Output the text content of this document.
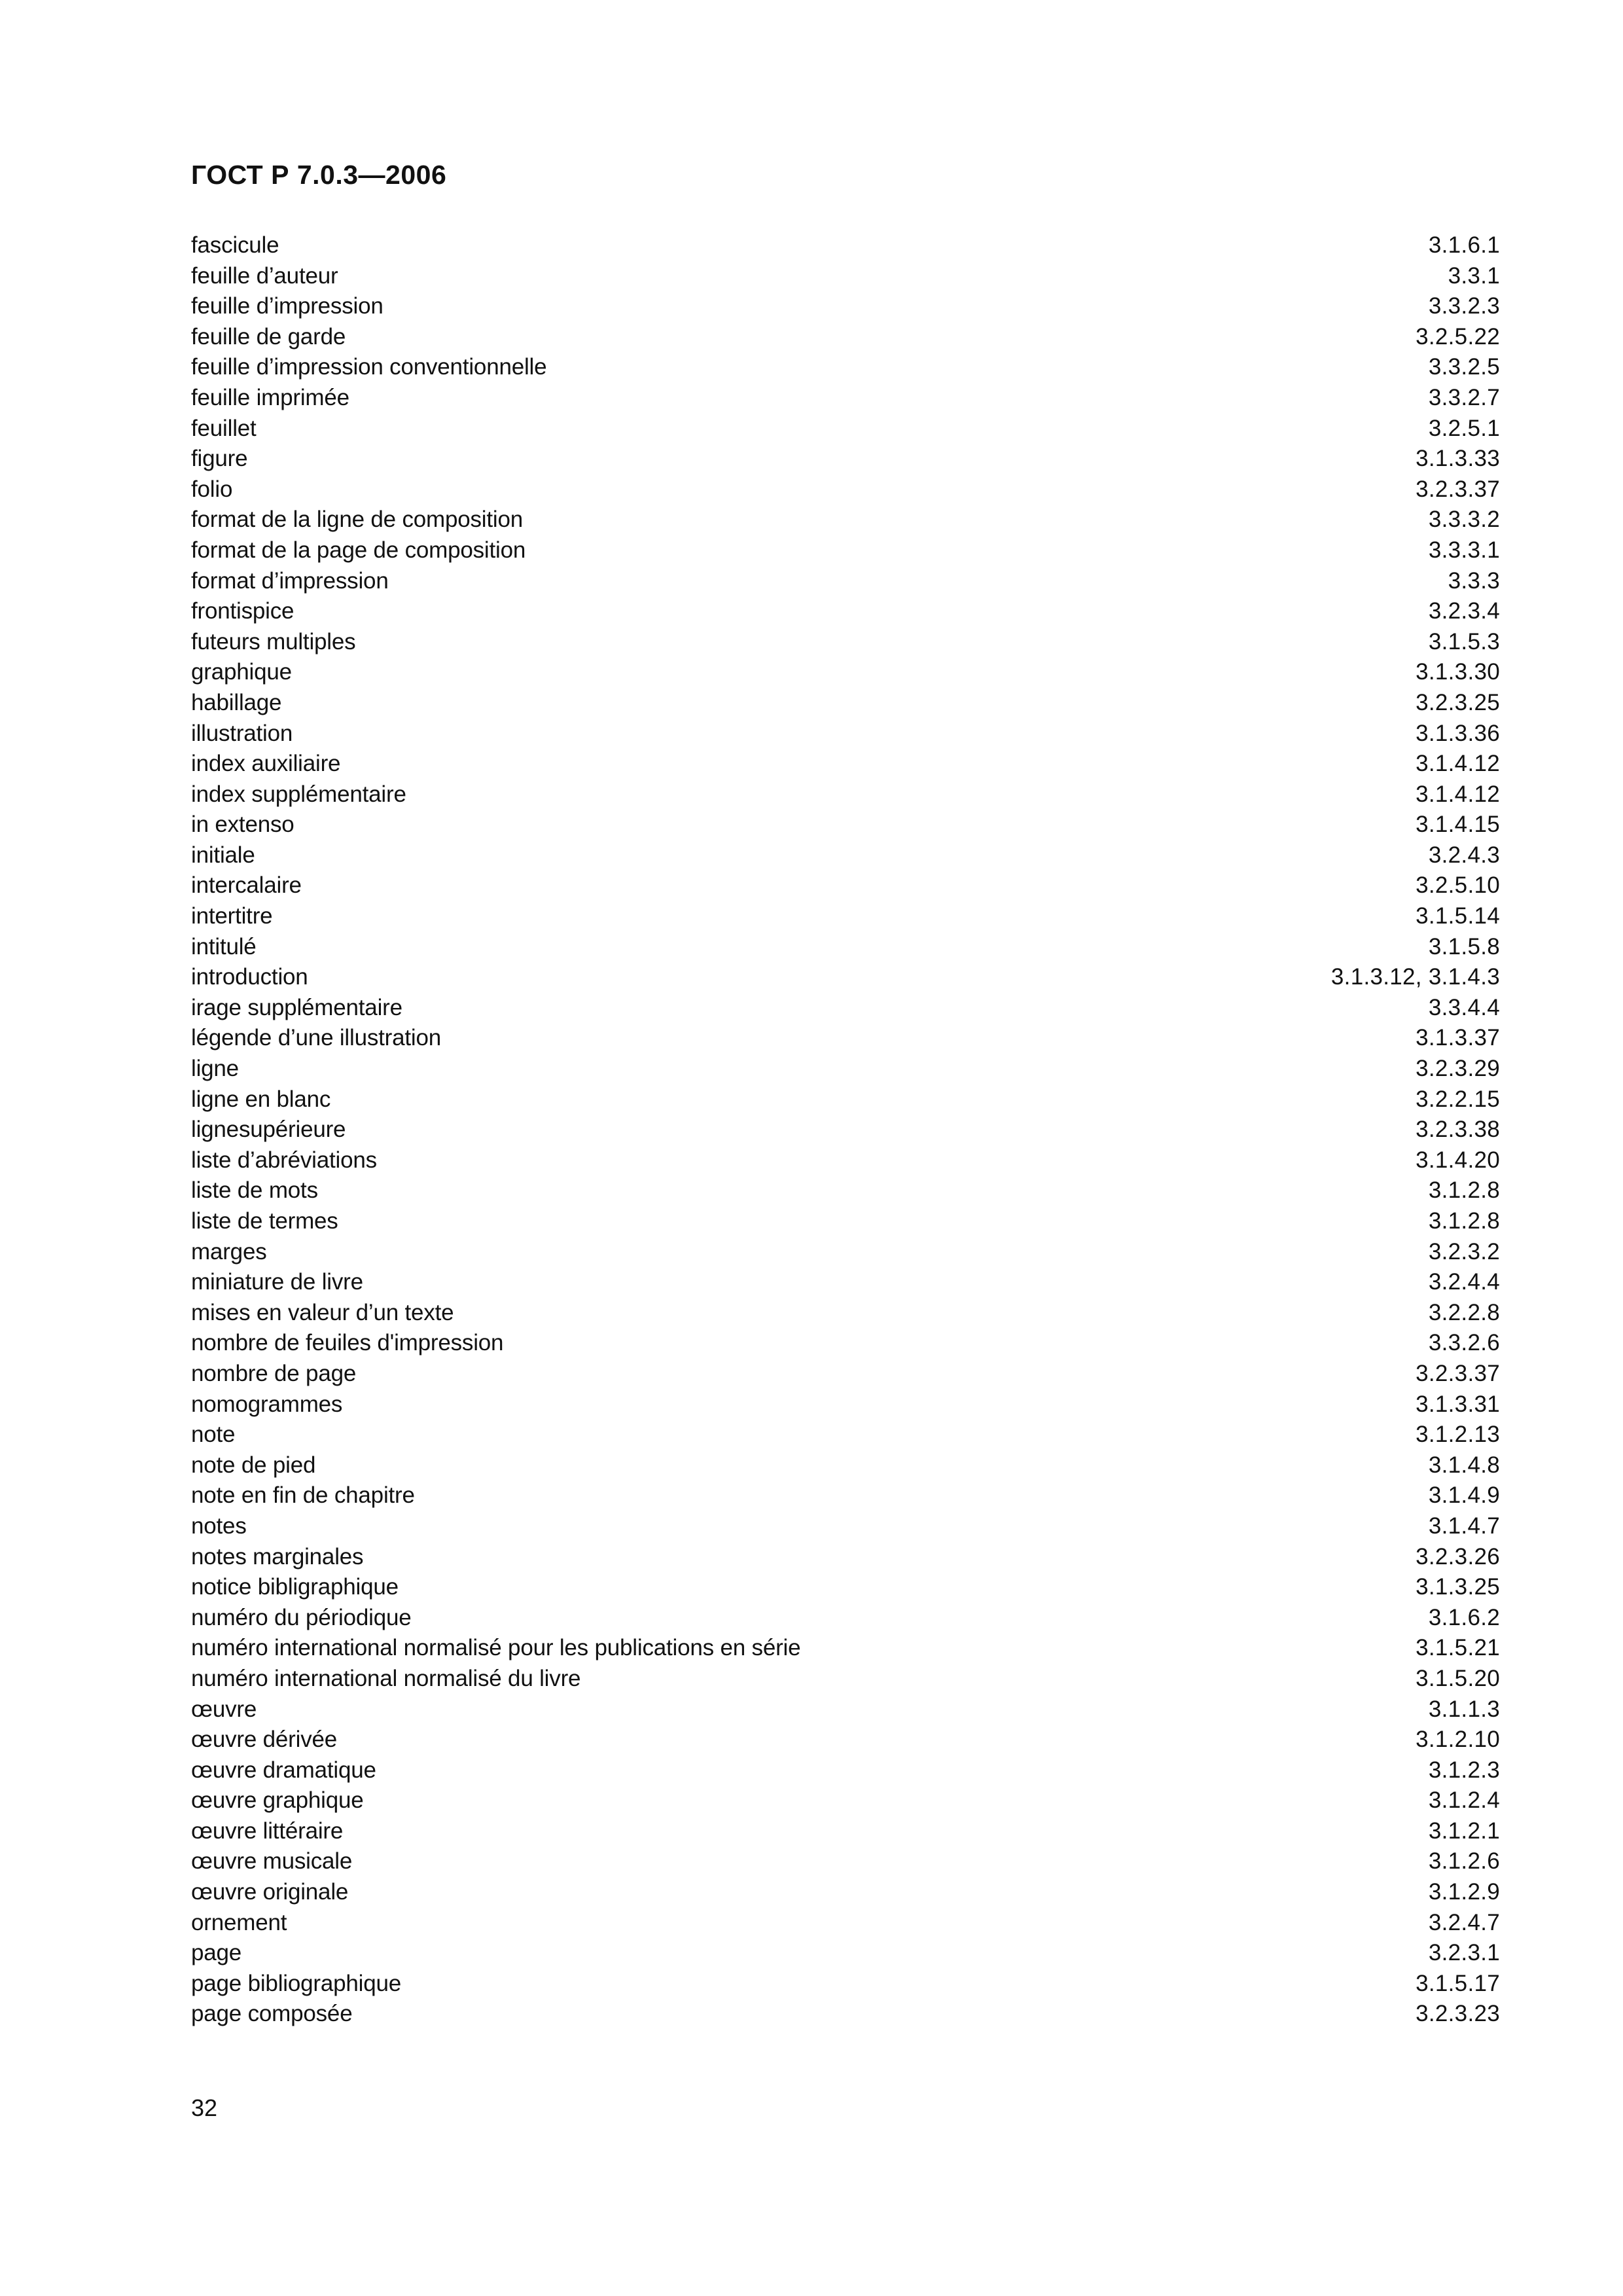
ГОСТ Р 7.0.3—2006
fascicule	3.1.6.1
feuille d’auteur	3.3.1
feuille d’impression	3.3.2.3
feuille de garde	3.2.5.22
feuille d’impression conventionnelle	3.3.2.5
feuille imprimée	3.3.2.7
feuillet	3.2.5.1
figure	3.1.3.33
folio	3.2.3.37
format de la ligne de composition	3.3.3.2
format de la page de composition	3.3.3.1
format d’impression	3.3.3
frontispice	3.2.3.4
futeurs multiples	3.1.5.3
graphique	3.1.3.30
habillage	3.2.3.25
illustration	3.1.3.36
index auxiliaire	3.1.4.12
index supplémentaire	3.1.4.12
in extenso	3.1.4.15
initiale	3.2.4.3
intercalaire	3.2.5.10
intertitre	3.1.5.14
intitulé	3.1.5.8
introduction	3.1.3.12, 3.1.4.3
irage supplémentaire	3.3.4.4
légende d’une illustration	3.1.3.37
ligne	3.2.3.29
ligne en blanc	3.2.2.15
lignesupérieure	3.2.3.38
liste d’abréviations	3.1.4.20
liste de mots	3.1.2.8
liste de termes	3.1.2.8
marges	3.2.3.2
miniature de livre	3.2.4.4
mises en valeur d’un texte	3.2.2.8
nombre de feuiles d'impression	3.3.2.6
nombre de page	3.2.3.37
nomogrammes	3.1.3.31
note	3.1.2.13
note de pied	3.1.4.8
note en fin de chapitre	3.1.4.9
notes	3.1.4.7
notes marginales	3.2.3.26
notice bibligraphique	3.1.3.25
numéro du périodique	3.1.6.2
numéro international normalisé pour les publications en série	3.1.5.21
numéro international normalisé du livre	3.1.5.20
œuvre	3.1.1.3
œuvre dérivée	3.1.2.10
œuvre dramatique	3.1.2.3
œuvre graphique	3.1.2.4
œuvre littéraire	3.1.2.1
œuvre musicale	3.1.2.6
œuvre originale	3.1.2.9
ornement	3.2.4.7
page	3.2.3.1
page bibliographique	3.1.5.17
page composée	3.2.3.23
32
